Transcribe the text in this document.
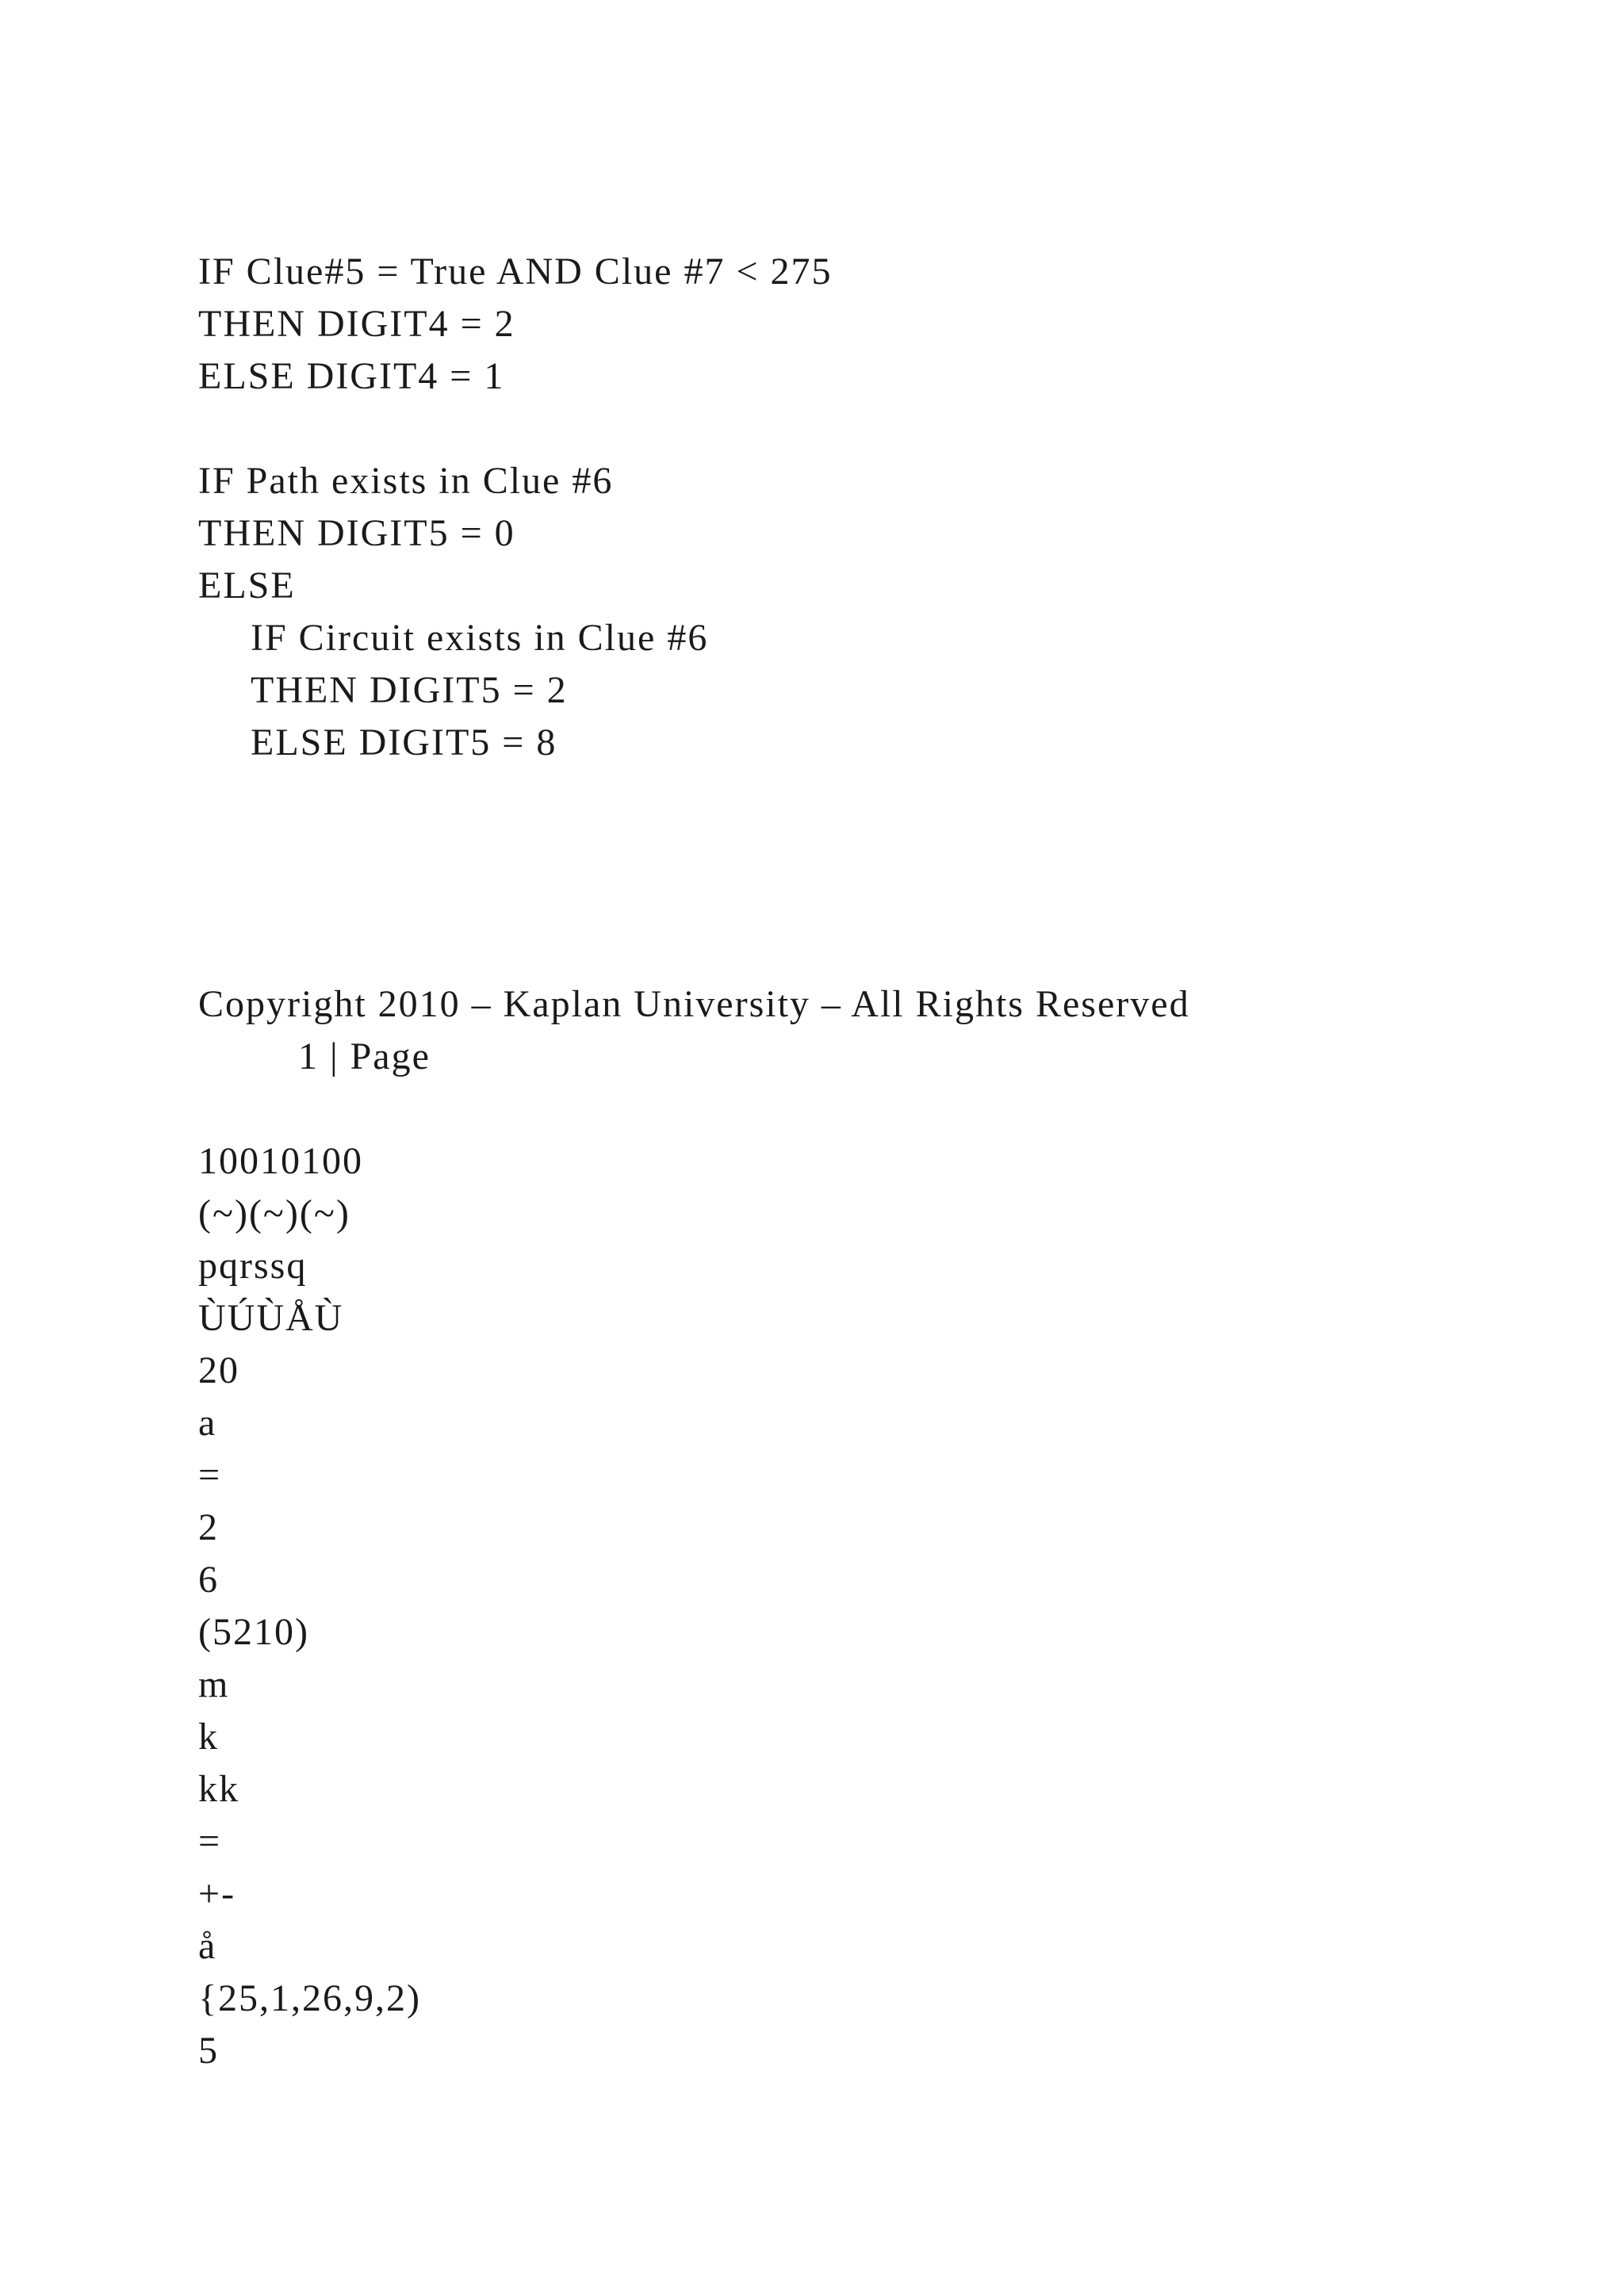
IF Clue#5 = True AND Clue #7 < 275
THEN DIGIT4 = 2
ELSE DIGIT4 = 1
IF Path exists in Clue #6
THEN DIGIT5 = 0
ELSE
IF Circuit exists in Clue #6
THEN DIGIT5 = 2
ELSE DIGIT5 = 8
Copyright 2010 – Kaplan University – All Rights Reserved
1 | Page
10010100
(~)(~)(~)
pqrssq
ÙÚÙÅÙ
20
a
=
2
6
(5210)
m
k
kk
=
+-
å
{25,1,26,9,2)
5
